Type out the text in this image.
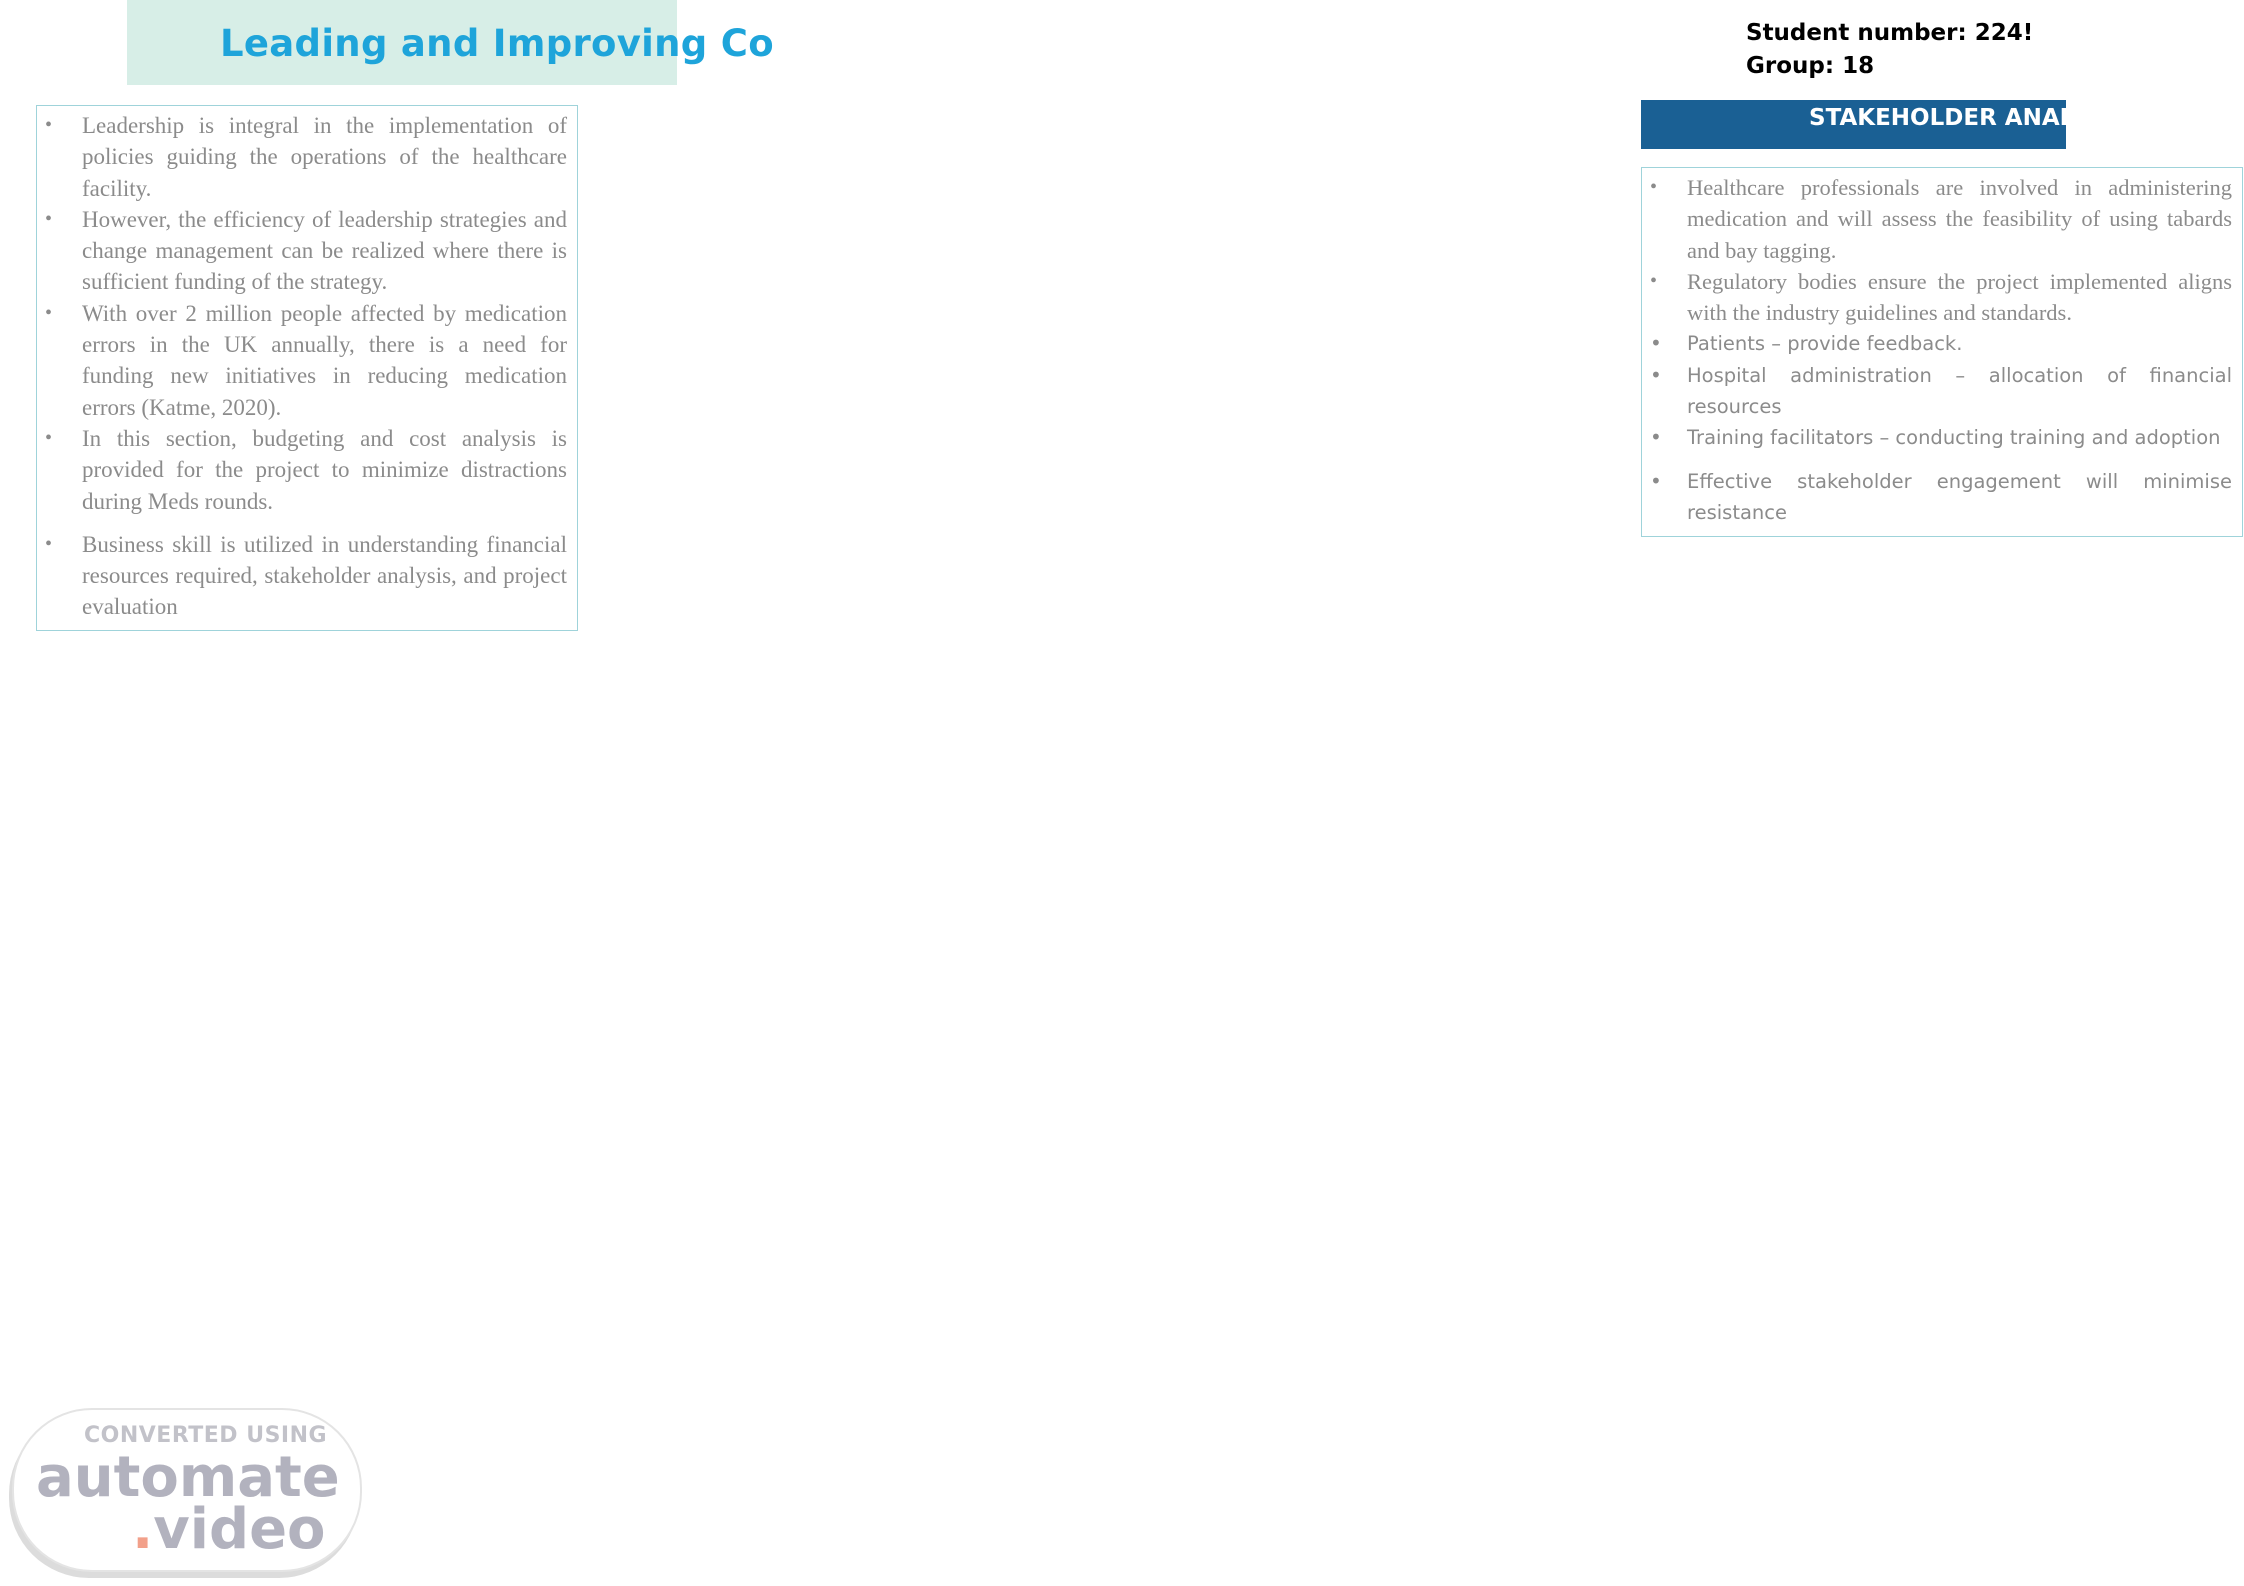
Leading and Improving Co	Student number: 224!
Group: 18
• Leadership is integral in the implementation of policies guiding the operations of the healthcare facility.
• However, the efficiency of leadership strategies and change management can be realized where there is sufficient funding of the strategy.
• With over 2 million people affected by medication errors in the UK annually, there is a need for funding new initiatives in reducing medication errors (Katme, 2020).
• In this section, budgeting and cost analysis is provided for the project to minimize distractions during Meds rounds.
• Business skill is utilized in understanding financial resources required, stakeholder analysis, and project evaluation
STAKEHOLDER ANALYSI
• Healthcare professionals are involved in administering medication and will assess the feasibility of using tabards and bay tagging.
• Regulatory bodies ensure the project implemented aligns with the industry guidelines and standards.
• Patients – provide feedback.
• Hospital administration – allocation of financial resources
• Training facilitators – conducting training and adoption
• Effective stakeholder engagement will minimise resistance
CONVERTED USING
automate
.video
